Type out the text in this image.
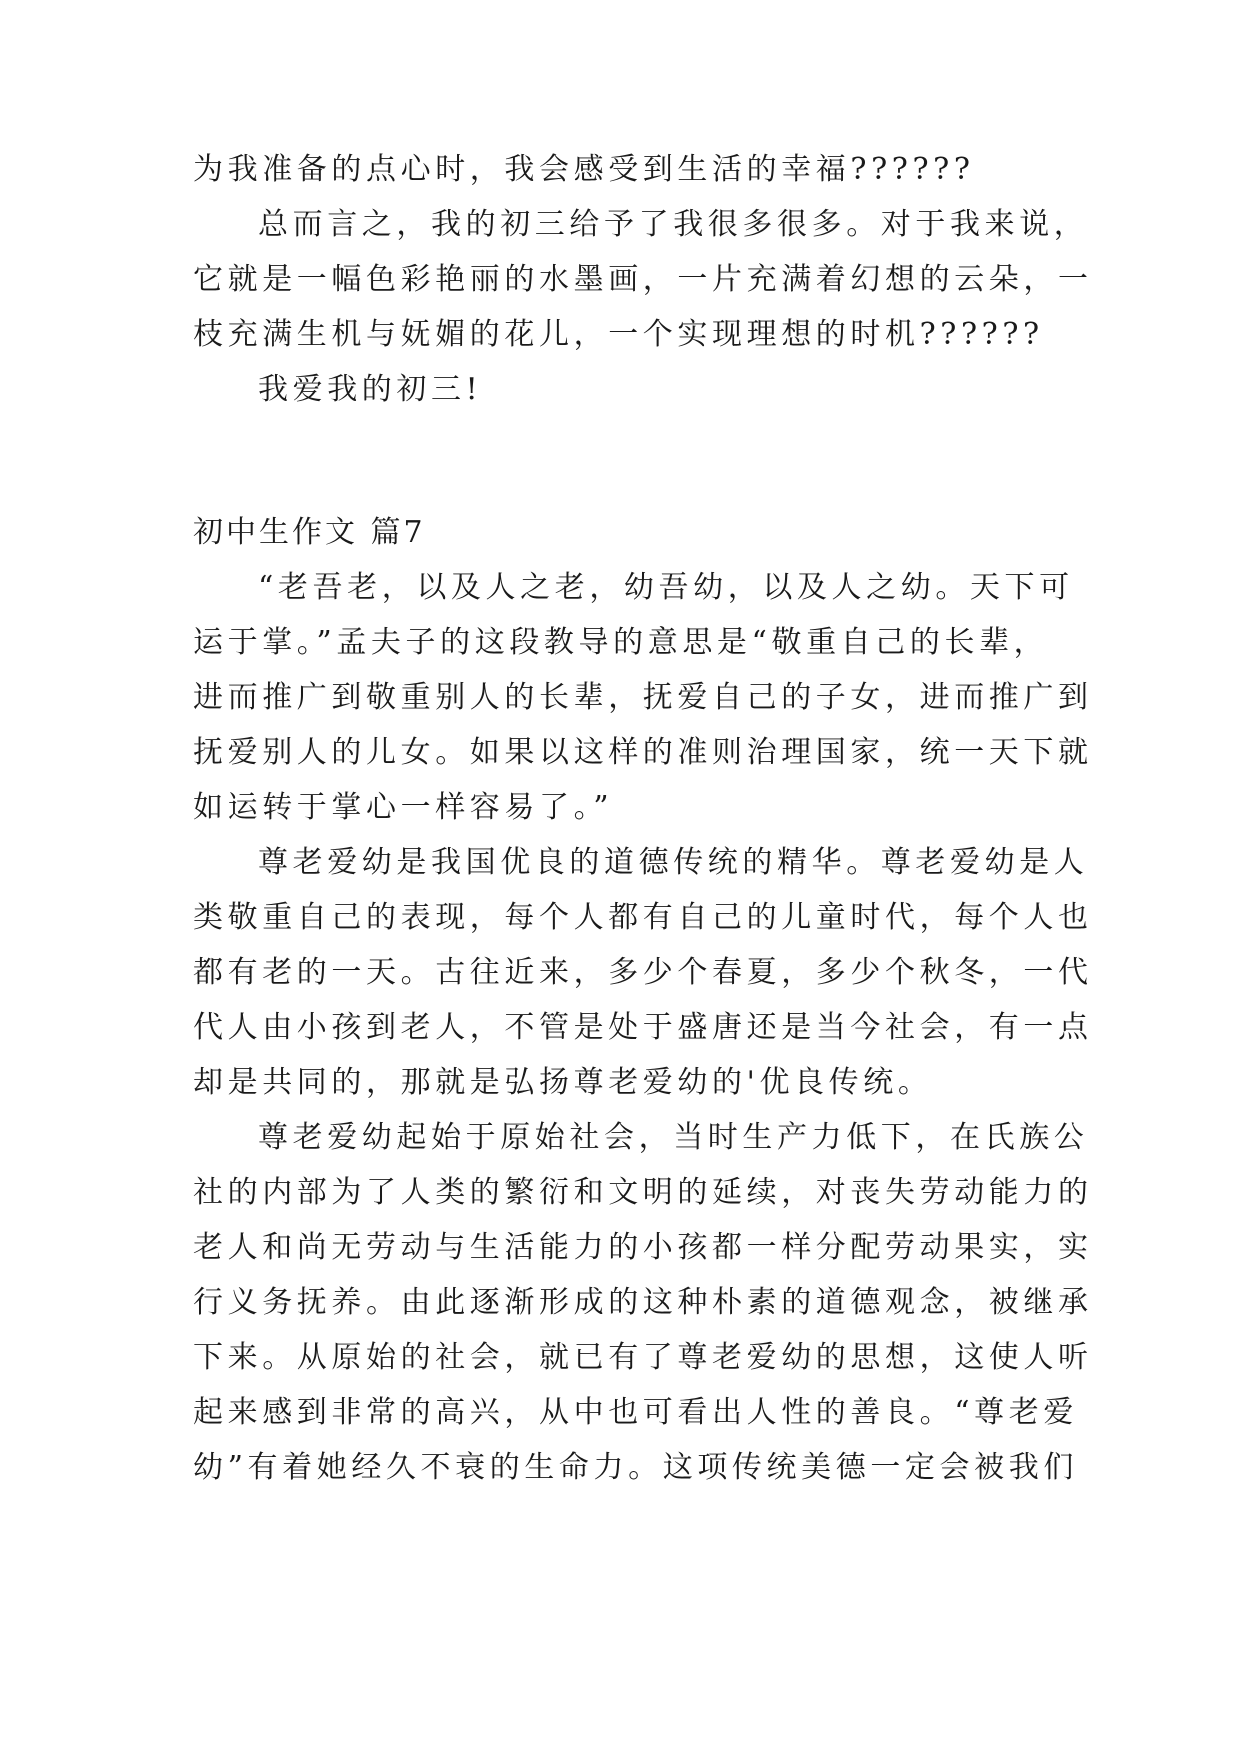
为我准备的点心时，我会感受到生活的幸福??????
总而言之，我的初三给予了我很多很多。对于我来说，
它就是一幅色彩艳丽的水墨画，一片充满着幻想的云朵，一
枝充满生机与妩媚的花儿，一个实现理想的时机??????
我爱我的初三!
初中生作文 篇7
“老吾老，以及人之老，幼吾幼，以及人之幼。天下可
运于掌。”孟夫子的这段教导的意思是“敬重自己的长辈，
进而推广到敬重别人的长辈，抚爱自己的子女，进而推广到
抚爱别人的儿女。如果以这样的准则治理国家，统一天下就
如运转于掌心一样容易了。”
尊老爱幼是我国优良的道德传统的精华。尊老爱幼是人
类敬重自己的表现，每个人都有自己的儿童时代，每个人也
都有老的一天。古往近来，多少个春夏，多少个秋冬，一代
代人由小孩到老人，不管是处于盛唐还是当今社会，有一点
却是共同的，那就是弘扬尊老爱幼的'优良传统。
尊老爱幼起始于原始社会，当时生产力低下，在氏族公
社的内部为了人类的繁衍和文明的延续，对丧失劳动能力的
老人和尚无劳动与生活能力的小孩都一样分配劳动果实，实
行义务抚养。由此逐渐形成的这种朴素的道德观念，被继承
下来。从原始的社会，就已有了尊老爱幼的思想，这使人听
起来感到非常的高兴，从中也可看出人性的善良。“尊老爱
幼”有着她经久不衰的生命力。这项传统美德一定会被我们
